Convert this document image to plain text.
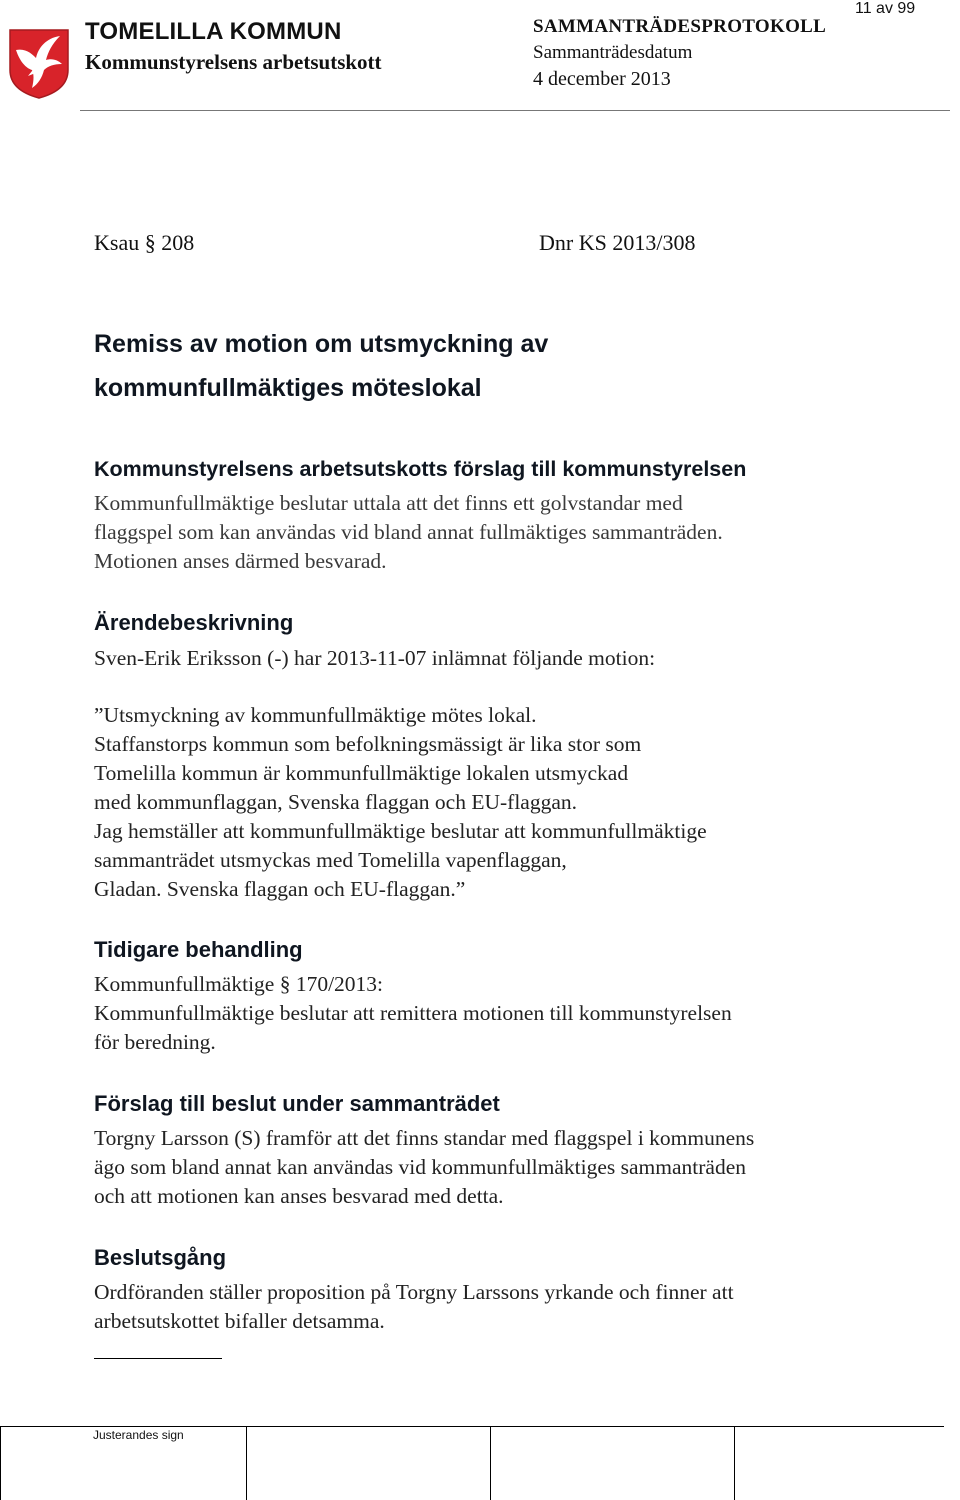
TOMELILLA KOMMUN
Kommunstyrelsens arbetsutskott
SAMMANTRÄDESPROTOKOLL
Sammanträdesdatum
4 december 2013
11 av 99
Ksau § 208	Dnr KS 2013/308
Remiss av motion om utsmyckning av
kommunfullmäktiges möteslokal
Kommunstyrelsens arbetsutskotts förslag till kommunstyrelsen
Kommunfullmäktige beslutar uttala att det finns ett golvstandar med
flaggspel som kan användas vid bland annat fullmäktiges sammanträden.
Motionen anses därmed besvarad.
Ärendebeskrivning
Sven-Erik Eriksson (-) har 2013-11-07 inlämnat följande motion:
”Utsmyckning av kommunfullmäktige mötes lokal.
Staffanstorps kommun som befolkningsmässigt är lika stor som
Tomelilla kommun är kommunfullmäktige lokalen utsmyckad
med kommunflaggan, Svenska flaggan och EU-flaggan.
Jag hemställer att kommunfullmäktige beslutar att kommunfullmäktige
sammanträdet utsmyckas med Tomelilla vapenflaggan,
Gladan. Svenska flaggan och EU-flaggan.”
Tidigare behandling
Kommunfullmäktige § 170/2013:
Kommunfullmäktige beslutar att remittera motionen till kommunstyrelsen
för beredning.
Förslag till beslut under sammanträdet
Torgny Larsson (S) framför att det finns standar med flaggspel i kommunens
ägo som bland annat kan användas vid kommunfullmäktiges sammanträden
och att motionen kan anses besvarad med detta.
Beslutsgång
Ordföranden ställer proposition på Torgny Larssons yrkande och finner att
arbetsutskottet bifaller detsamma.
Justerandes sign
